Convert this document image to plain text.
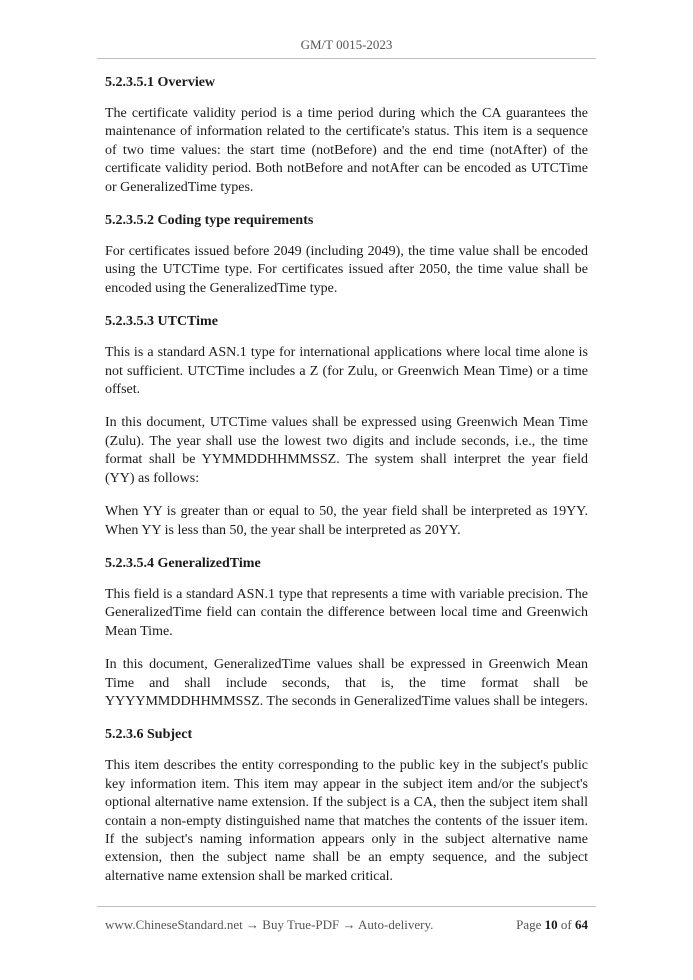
GM/T 0015-2023
5.2.3.5.1 Overview

The certificate validity period is a time period during which the CA guarantees the maintenance of information related to the certificate's status. This item is a sequence of two time values: the start time (notBefore) and the end time (notAfter) of the certificate validity period. Both notBefore and notAfter can be encoded as UTCTime or GeneralizedTime types.

5.2.3.5.2 Coding type requirements

For certificates issued before 2049 (including 2049), the time value shall be encoded using the UTCTime type. For certificates issued after 2050, the time value shall be encoded using the GeneralizedTime type.

5.2.3.5.3 UTCTime

This is a standard ASN.1 type for international applications where local time alone is not sufficient. UTCTime includes a Z (for Zulu, or Greenwich Mean Time) or a time offset.

In this document, UTCTime values shall be expressed using Greenwich Mean Time (Zulu). The year shall use the lowest two digits and include seconds, i.e., the time format shall be YYMMDDHHMMSSZ. The system shall interpret the year field (YY) as follows:

When YY is greater than or equal to 50, the year field shall be interpreted as 19YY. When YY is less than 50, the year shall be interpreted as 20YY.

5.2.3.5.4 GeneralizedTime

This field is a standard ASN.1 type that represents a time with variable precision. The GeneralizedTime field can contain the difference between local time and Greenwich Mean Time.

In this document, GeneralizedTime values shall be expressed in Greenwich Mean Time and shall include seconds, that is, the time format shall be YYYYMMDDHHMMSSZ. The seconds in GeneralizedTime values shall be integers.

5.2.3.6 Subject

This item describes the entity corresponding to the public key in the subject's public key information item. This item may appear in the subject item and/or the subject's optional alternative name extension. If the subject is a CA, then the subject item shall contain a non-empty distinguished name that matches the contents of the issuer item. If the subject's naming information appears only in the subject alternative name extension, then the subject name shall be an empty sequence, and the subject alternative name extension shall be marked critical.

www.ChineseStandard.net → Buy True-PDF → Auto-delivery.	Page 10 of 64
